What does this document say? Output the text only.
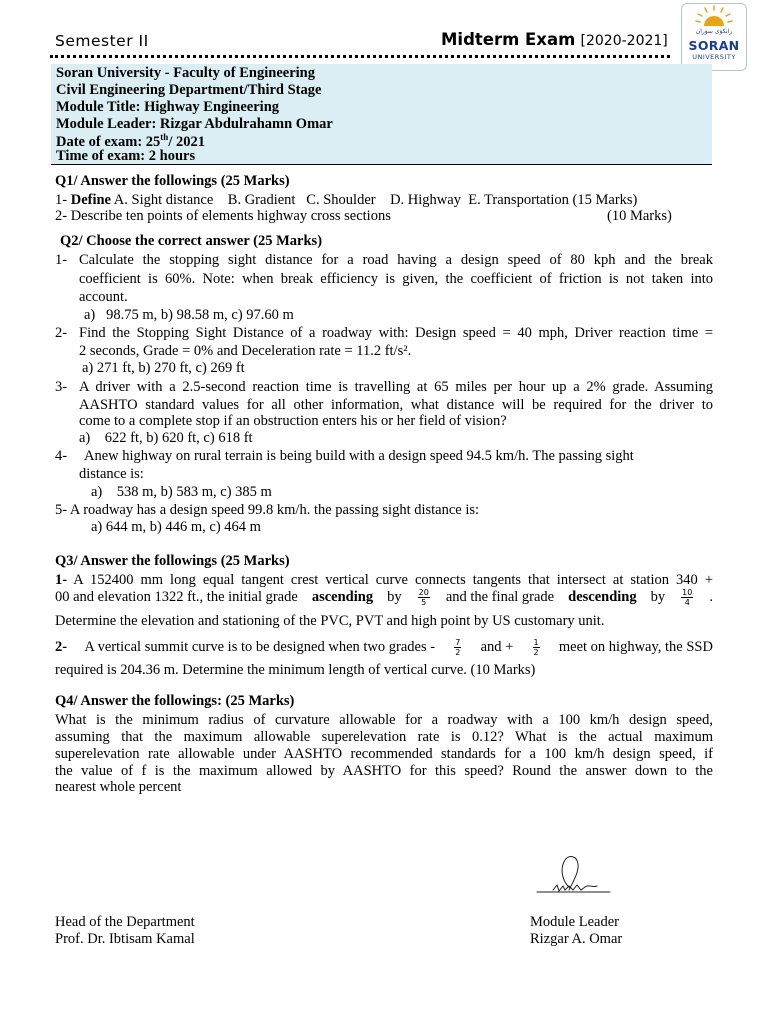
Semester II	Midterm Exam [2020-2021]
زانكۆی سۆران
SORAN
UNIVERSITY
Soran University - Faculty of Engineering
Civil Engineering Department/Third Stage
Module Title: Highway Engineering
Module Leader: Rizgar Abdulrahamn Omar
Date of exam: 25th/ 2021
Time of exam: 2 hours
Q1/ Answer the followings (25 Marks)
1- Define A. Sight distance    B. Gradient   C. Shoulder    D. Highway  E. Transportation (15 Marks)
2- Describe ten points of elements highway cross sections	(10 Marks)
Q2/ Choose the correct answer (25 Marks)
1- Calculate the stopping sight distance for a road having a design speed of 80 kph and the break
coefficient is 60%. Note: when break efficiency is given, the coefficient of friction is not taken into
account.
a)   98.75 m, b) 98.58 m, c) 97.60 m
2- Find the Stopping Sight Distance of a roadway with: Design speed = 40 mph, Driver reaction time =
2 seconds, Grade = 0% and Deceleration rate = 11.2 ft/s².
a) 271 ft, b) 270 ft, c) 269 ft
3- A driver with a 2.5-second reaction time is travelling at 65 miles per hour up a 2% grade. Assuming
AASHTO standard values for all other information, what distance will be required for the driver to
come to a complete stop if an obstruction enters his or her field of vision?
a)    622 ft, b) 620 ft, c) 618 ft
4- Anew highway on rural terrain is being build with a design speed 94.5 km/h. The passing sight
distance is:
a)    538 m, b) 583 m, c) 385 m
5- A roadway has a design speed 99.8 km/h. the passing sight distance is:
a) 644 m, b) 446 m, c) 464 m
Q3/ Answer the followings (25 Marks)
1- A 152400 mm long equal tangent crest vertical curve connects tangents that intersect at station 340 +
00 and elevation 1322 ft., the initial grade ascending by $\frac{20}{5}$ and the final grade descending by $\frac{10}{4}$ .
Determine the elevation and stationing of the PVC, PVT and high point by US customary unit.
2- A vertical summit curve is to be designed when two grades - $\frac{7}{2}$ and + $\frac{1}{2}$ meet on highway, the SSD
required is 204.36 m. Determine the minimum length of vertical curve. (10 Marks)
Q4/ Answer the followings: (25 Marks)
What is the minimum radius of curvature allowable for a roadway with a 100 km/h design speed,
assuming that the maximum allowable superelevation rate is 0.12? What is the actual maximum
superelevation rate allowable under AASHTO recommended standards for a 100 km/h design speed, if
the value of f is the maximum allowed by AASHTO for this speed? Round the answer down to the
nearest whole percent
Head of the Department
Prof. Dr. Ibtisam Kamal
Module Leader
Rizgar A. Omar
